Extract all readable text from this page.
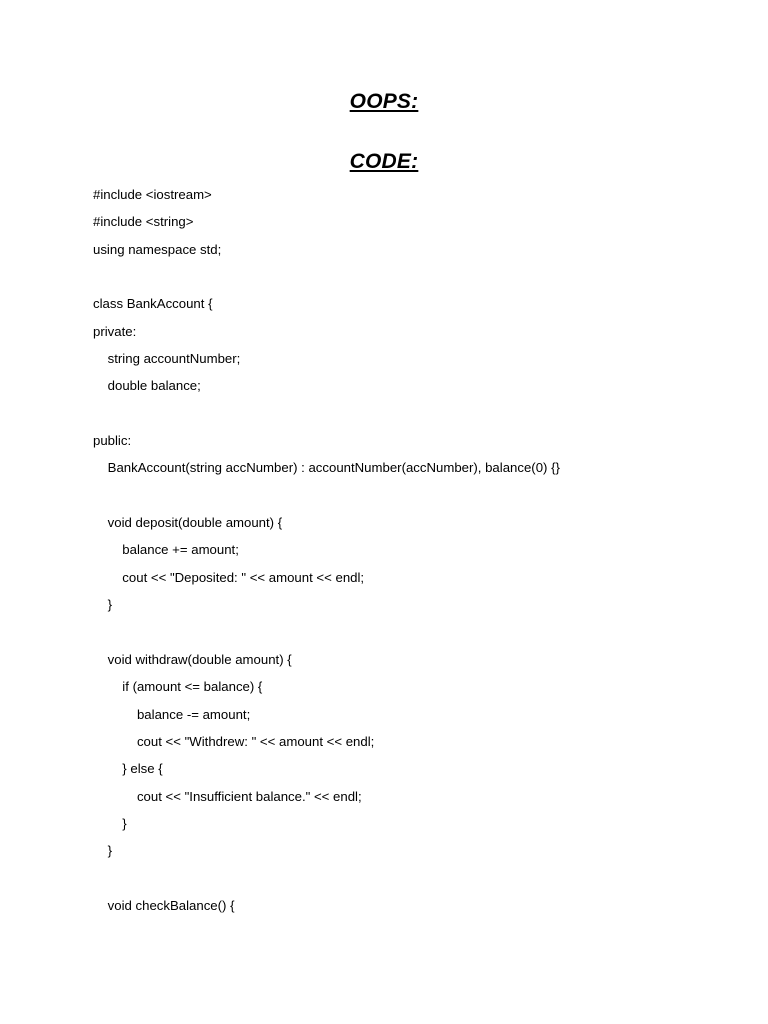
OOPS:
CODE:
#include <iostream>
#include <string>
using namespace std;
class BankAccount {
private:
string accountNumber;
double balance;
public:
BankAccount(string accNumber) : accountNumber(accNumber), balance(0) {}
void deposit(double amount) {
balance += amount;
cout << "Deposited: " << amount << endl;
}
void withdraw(double amount) {
if (amount <= balance) {
balance -= amount;
cout << "Withdrew: " << amount << endl;
} else {
cout << "Insufficient balance." << endl;
}
}
void checkBalance() {
